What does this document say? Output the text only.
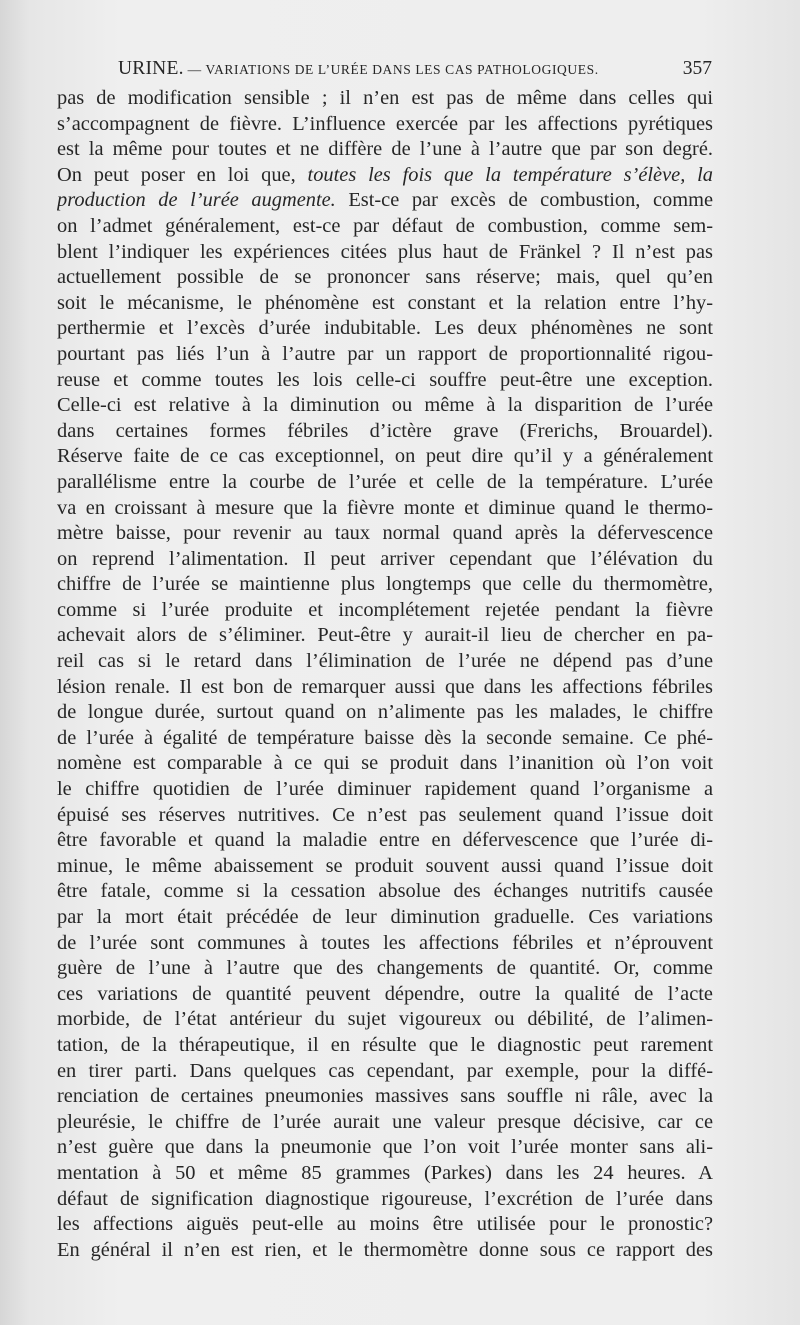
URINE. — VARIATIONS DE L’URÉE DANS LES CAS PATHOLOGIQUES.	357
pas de modification sensible ; il n’en est pas de même dans celles qui
s’accompagnent de fièvre. L’influence exercée par les affections pyrétiques
est la même pour toutes et ne diffère de l’une à l’autre que par son degré.
On peut poser en loi que, toutes les fois que la température s’élève, la
production de l’urée augmente. Est-ce par excès de combustion, comme
on l’admet généralement, est-ce par défaut de combustion, comme sem-
blent l’indiquer les expériences citées plus haut de Fränkel ? Il n’est pas
actuellement possible de se prononcer sans réserve; mais, quel qu’en
soit le mécanisme, le phénomène est constant et la relation entre l’hy-
perthermie et l’excès d’urée indubitable. Les deux phénomènes ne sont
pourtant pas liés l’un à l’autre par un rapport de proportionnalité rigou-
reuse et comme toutes les lois celle-ci souffre peut-être une exception.
Celle-ci est relative à la diminution ou même à la disparition de l’urée
dans certaines formes fébriles d’ictère grave (Frerichs, Brouardel).
Réserve faite de ce cas exceptionnel, on peut dire qu’il y a généralement
parallélisme entre la courbe de l’urée et celle de la température. L’urée
va en croissant à mesure que la fièvre monte et diminue quand le thermo-
mètre baisse, pour revenir au taux normal quand après la défervescence
on reprend l’alimentation. Il peut arriver cependant que l’élévation du
chiffre de l’urée se maintienne plus longtemps que celle du thermomètre,
comme si l’urée produite et incomplétement rejetée pendant la fièvre
achevait alors de s’éliminer. Peut-être y aurait-il lieu de chercher en pa-
reil cas si le retard dans l’élimination de l’urée ne dépend pas d’une
lésion renale. Il est bon de remarquer aussi que dans les affections fébriles
de longue durée, surtout quand on n’alimente pas les malades, le chiffre
de l’urée à égalité de température baisse dès la seconde semaine. Ce phé-
nomène est comparable à ce qui se produit dans l’inanition où l’on voit
le chiffre quotidien de l’urée diminuer rapidement quand l’organisme a
épuisé ses réserves nutritives. Ce n’est pas seulement quand l’issue doit
être favorable et quand la maladie entre en défervescence que l’urée di-
minue, le même abaissement se produit souvent aussi quand l’issue doit
être fatale, comme si la cessation absolue des échanges nutritifs causée
par la mort était précédée de leur diminution graduelle. Ces variations
de l’urée sont communes à toutes les affections fébriles et n’éprouvent
guère de l’une à l’autre que des changements de quantité. Or, comme
ces variations de quantité peuvent dépendre, outre la qualité de l’acte
morbide, de l’état antérieur du sujet vigoureux ou débilité, de l’alimen-
tation, de la thérapeutique, il en résulte que le diagnostic peut rarement
en tirer parti. Dans quelques cas cependant, par exemple, pour la diffé-
renciation de certaines pneumonies massives sans souffle ni râle, avec la
pleurésie, le chiffre de l’urée aurait une valeur presque décisive, car ce
n’est guère que dans la pneumonie que l’on voit l’urée monter sans ali-
mentation à 50 et même 85 grammes (Parkes) dans les 24 heures. A
défaut de signification diagnostique rigoureuse, l’excrétion de l’urée dans
les affections aiguës peut-elle au moins être utilisée pour le pronostic?
En général il n’en est rien, et le thermomètre donne sous ce rapport des
